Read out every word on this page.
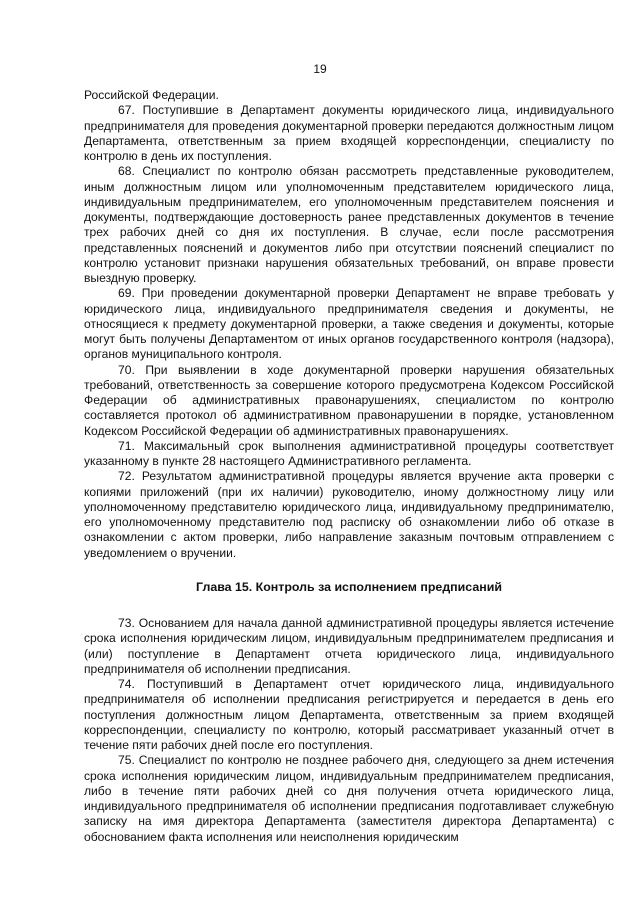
19

Российской Федерации.

67. Поступившие в Департамент документы юридического лица, индивидуального предпринимателя для проведения документарной проверки передаются должностным лицом Департамента, ответственным за прием входящей корреспонденции, специалисту по контролю в день их поступления.

68. Специалист по контролю обязан рассмотреть представленные руководителем, иным должностным лицом или уполномоченным представителем юридического лица, индивидуальным предпринимателем, его уполномоченным представителем пояснения и документы, подтверждающие достоверность ранее представленных документов в течение трех рабочих дней со дня их поступления. В случае, если после рассмотрения представленных пояснений и документов либо при отсутствии пояснений специалист по контролю установит признаки нарушения обязательных требований, он вправе провести выездную проверку.

69. При проведении документарной проверки Департамент не вправе требовать у юридического лица, индивидуального предпринимателя сведения и документы, не относящиеся к предмету документарной проверки, а также сведения и документы, которые могут быть получены Департаментом от иных органов государственного контроля (надзора), органов муниципального контроля.

70. При выявлении в ходе документарной проверки нарушения обязательных требований, ответственность за совершение которого предусмотрена Кодексом Российской Федерации об административных правонарушениях, специалистом по контролю составляется протокол об административном правонарушении в порядке, установленном Кодексом Российской Федерации об административных правонарушениях.

71. Максимальный срок выполнения административной процедуры соответствует указанному в пункте 28 настоящего Административного регламента.

72. Результатом административной процедуры является вручение акта проверки с копиями приложений (при их наличии) руководителю, иному должностному лицу или уполномоченному представителю юридического лица, индивидуальному предпринимателю, его уполномоченному представителю под расписку об ознакомлении либо об отказе в ознакомлении с актом проверки, либо направление заказным почтовым отправлением с уведомлением о вручении.

Глава 15. Контроль за исполнением предписаний

73. Основанием для начала данной административной процедуры является истечение срока исполнения юридическим лицом, индивидуальным предпринимателем предписания и (или) поступление в Департамент отчета юридического лица, индивидуального предпринимателя об исполнении предписания.

74. Поступивший в Департамент отчет юридического лица, индивидуального предпринимателя об исполнении предписания регистрируется и передается в день его поступления должностным лицом Департамента, ответственным за прием входящей корреспонденции, специалисту по контролю, который рассматривает указанный отчет в течение пяти рабочих дней после его поступления.

75. Специалист по контролю не позднее рабочего дня, следующего за днем истечения срока исполнения юридическим лицом, индивидуальным предпринимателем предписания, либо в течение пяти рабочих дней со дня получения отчета юридического лица, индивидуального предпринимателя об исполнении предписания подготавливает служебную записку на имя директора Департамента (заместителя директора Департамента) с обоснованием факта исполнения или неисполнения юридическим
